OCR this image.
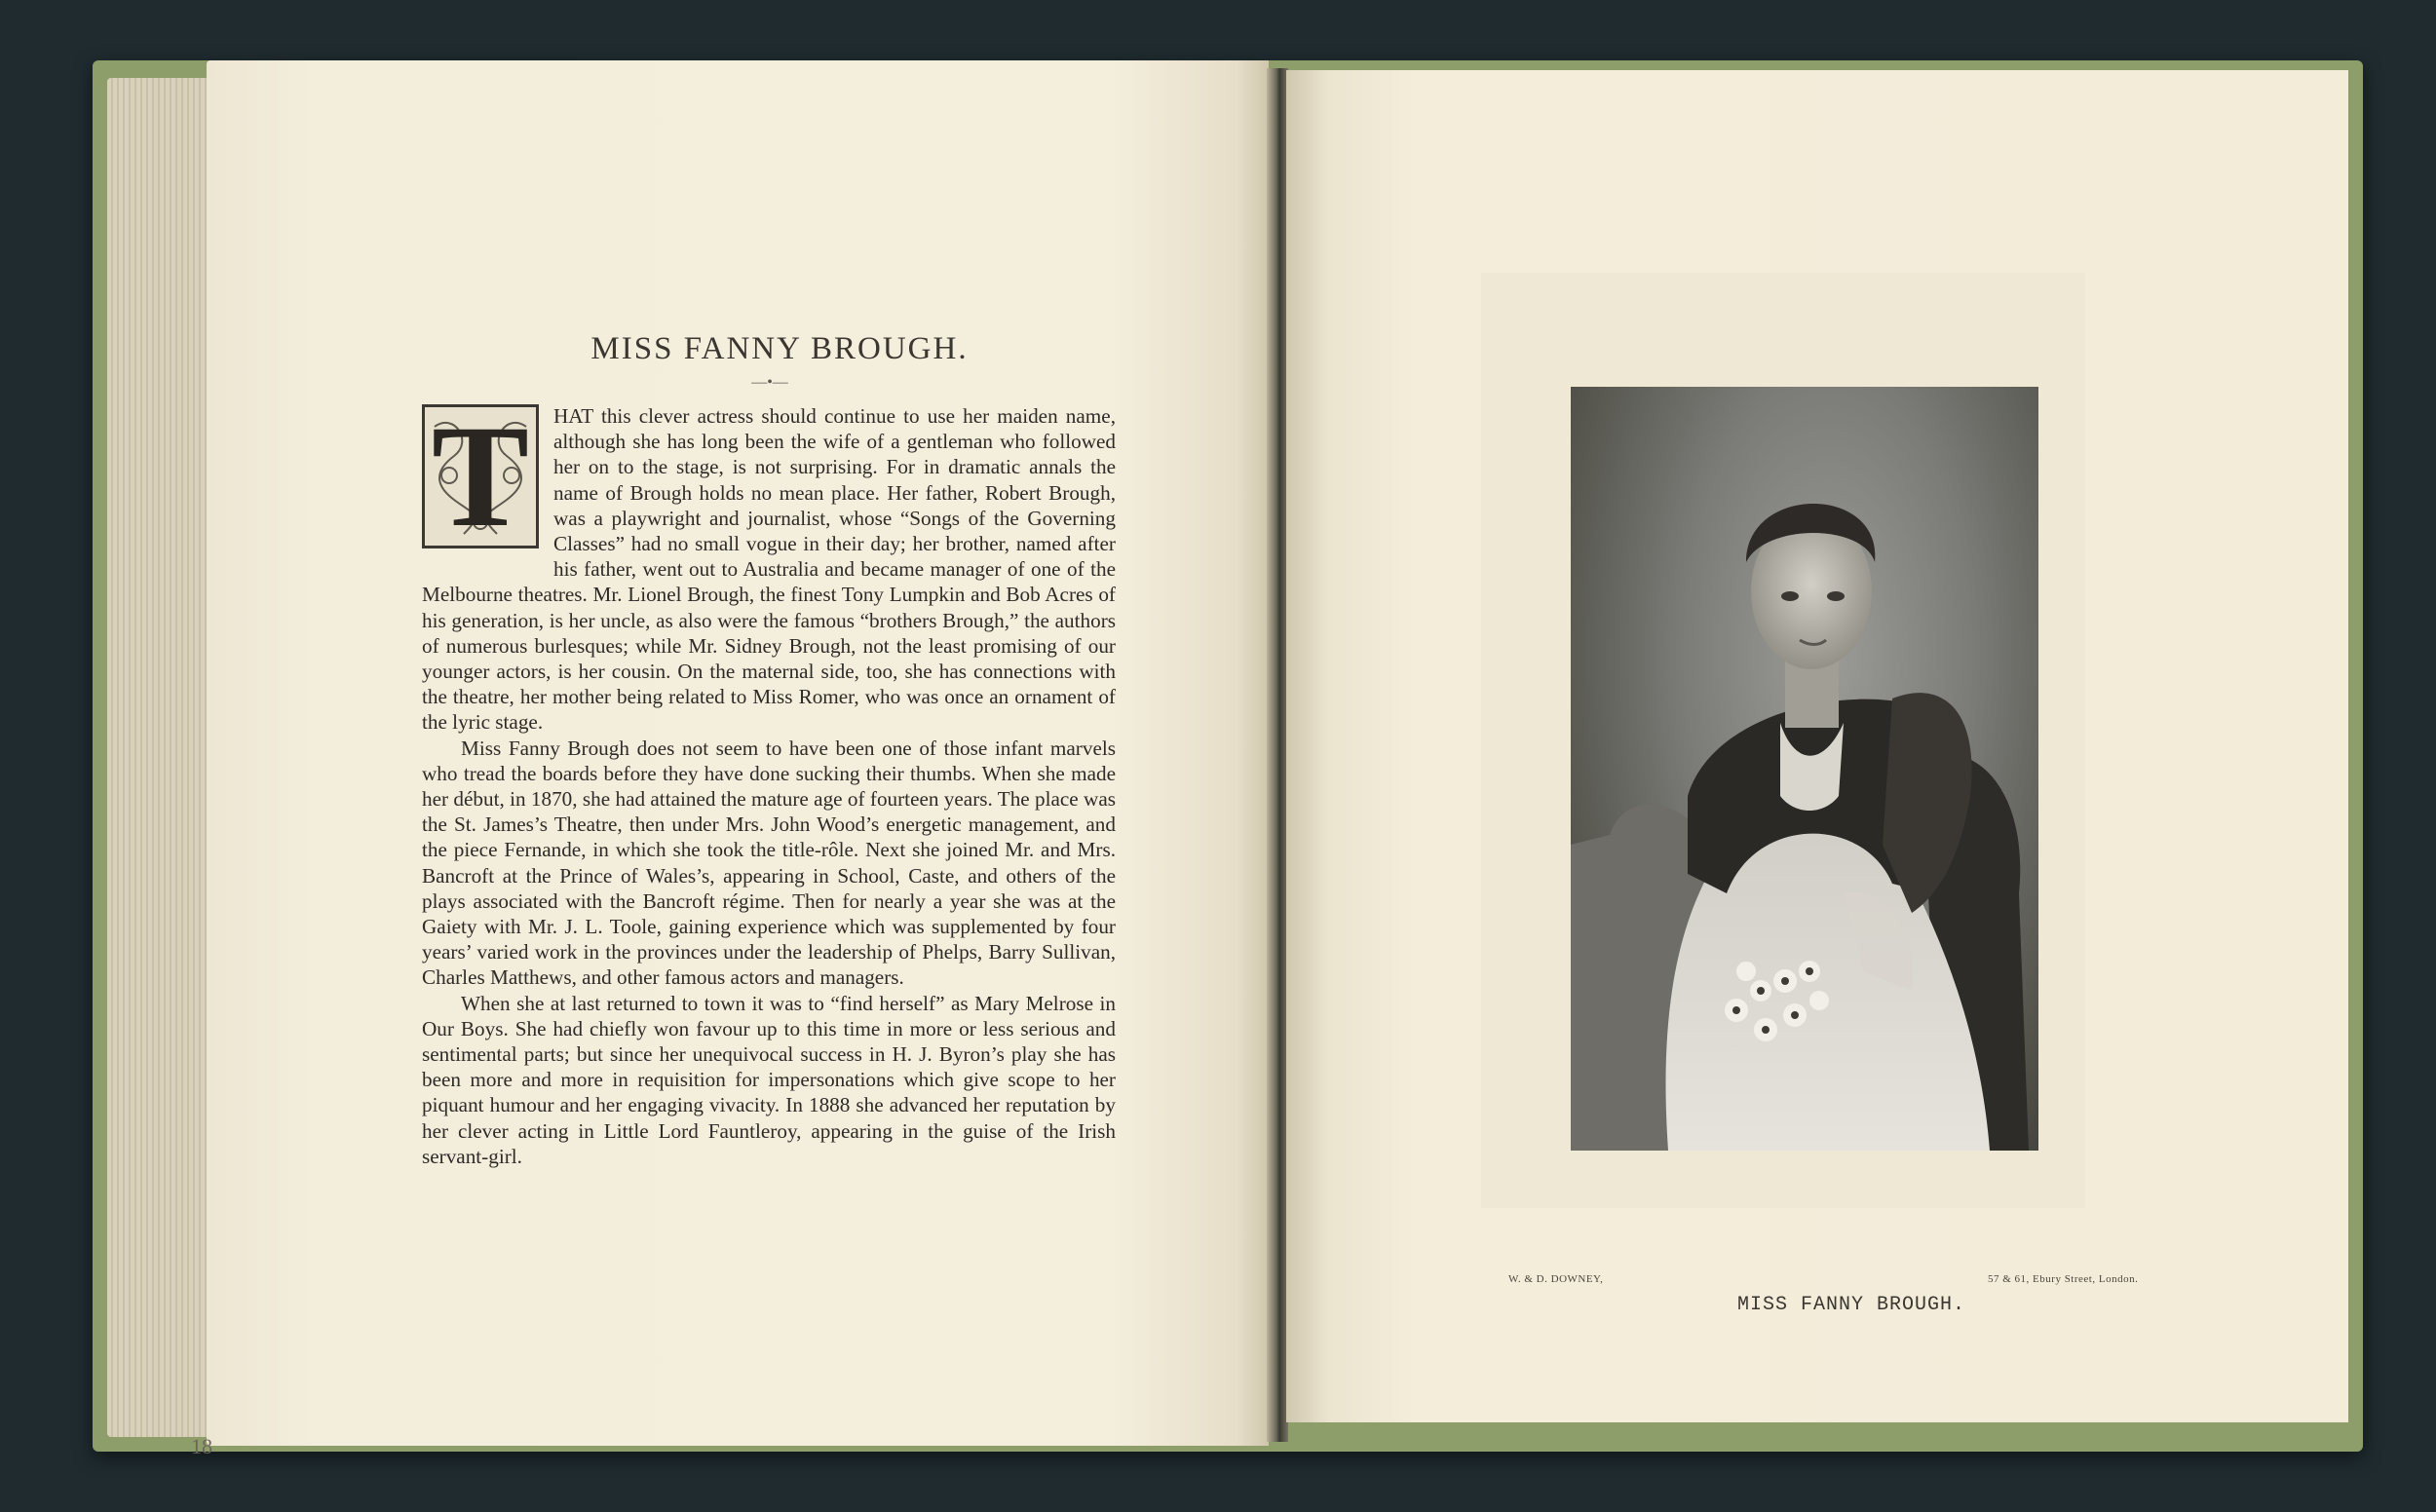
18
MISS FANNY BROUGH.
—•—
T	HAT this clever actress should continue to use her maiden name, although she has long been the wife of a gentleman who followed her on to the stage, is not surprising. For in dramatic annals the name of Brough holds no mean place. Her father, Robert Brough, was a playwright and journalist, whose “Songs of the Governing Classes” had no small vogue in their day; her brother, named after his father, went out to Australia and became manager of one of the Melbourne theatres. Mr. Lionel Brough, the finest Tony Lumpkin and Bob Acres of his generation, is her uncle, as also were the famous “brothers Brough,” the authors of numerous burlesques; while Mr. Sidney Brough, not the least promising of our younger actors, is her cousin. On the maternal side, too, she has connections with the theatre, her mother being related to Miss Romer, who was once an ornament of the lyric stage.

Miss Fanny Brough does not seem to have been one of those infant marvels who tread the boards before they have done sucking their thumbs. When she made her début, in 1870, she had attained the mature age of fourteen years. The place was the St. James’s Theatre, then under Mrs. John Wood’s energetic management, and the piece Fernande, in which she took the title-rôle. Next she joined Mr. and Mrs. Bancroft at the Prince of Wales’s, appearing in School, Caste, and others of the plays associated with the Bancroft régime. Then for nearly a year she was at the Gaiety with Mr. J. L. Toole, gaining experience which was supplemented by four years’ varied work in the provinces under the leadership of Phelps, Barry Sullivan, Charles Matthews, and other famous actors and managers.

When she at last returned to town it was to “find herself” as Mary Melrose in Our Boys. She had chiefly won favour up to this time in more or less serious and sentimental parts; but since her unequivocal success in H. J. Byron’s play she has been more and more in requisition for impersonations which give scope to her piquant humour and her engaging vivacity. In 1888 she advanced her reputation by her clever acting in Little Lord Fauntleroy, appearing in the guise of the Irish servant-girl.

W. & D. DOWNEY,	57 & 61, Ebury Street, London.
MISS FANNY BROUGH.
